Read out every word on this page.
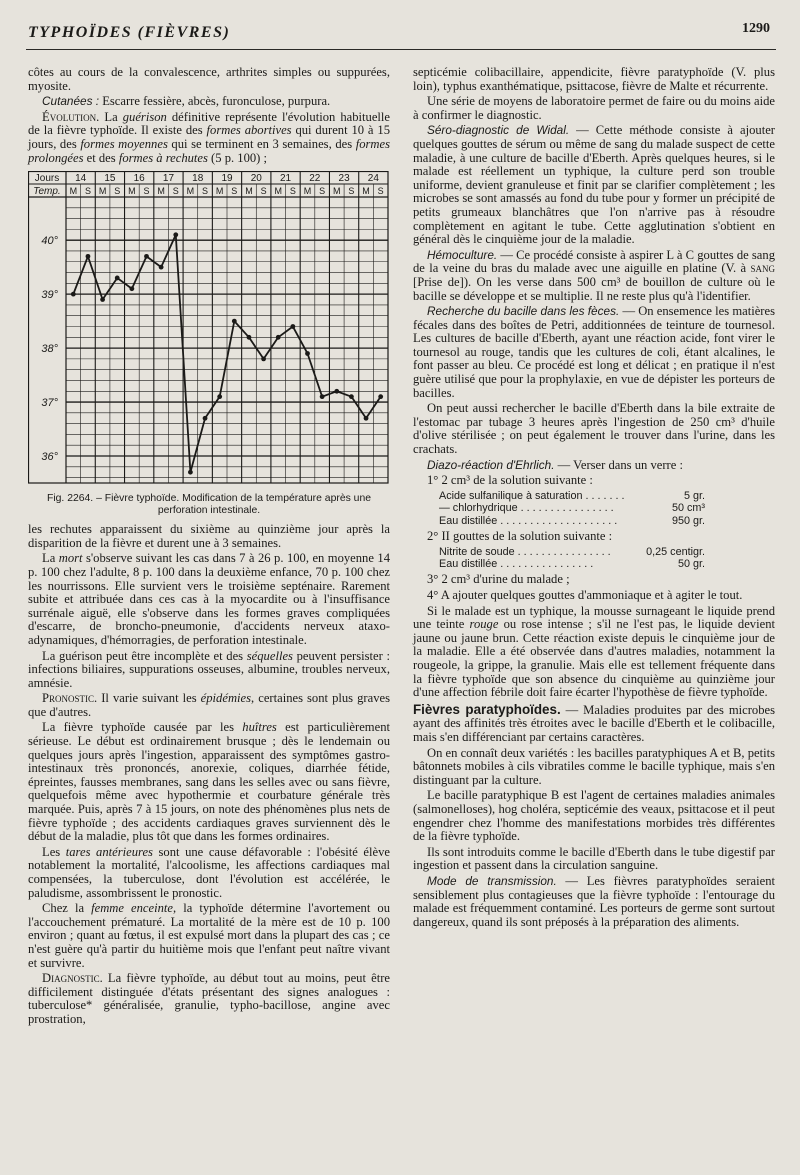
TYPHOÏDES (FIÈVRES)	1290

côtes au cours de la convalescence, arthrites simples ou suppurées, myosite.

Cutanées : Escarre fessière, abcès, furonculose, purpura.

Évolution. La guérison définitive représente l'évolution habituelle de la fièvre typhoïde. Il existe des formes abortives qui durent 10 à 15 jours, des formes moyennes qui se terminent en 3 semaines, des formes prolongées et des formes à rechutes (5 p. 100) ;

Jours
Temp.
14 15 16 17 18 19 20 21 22 23 24
M S M S M S M S M S M S M S M S M S M S M S
40°
39°
38°
37°
36°
Fig. 2264. – Fièvre typhoïde. Modification de la température après une perforation intestinale.

les rechutes apparaissent du sixième au quinzième jour après la disparition de la fièvre et durent une à 3 semaines.

La mort s'observe suivant les cas dans 7 à 26 p. 100, en moyenne 14 p. 100 chez l'adulte, 8 p. 100 dans la deuxième enfance, 70 p. 100 chez les nourrissons. Elle survient vers le troisième septénaire. Rarement subite et attribuée dans ces cas à la myocardite ou à l'insuffisance surrénale aiguë, elle s'observe dans les formes graves compliquées d'escarre, de broncho-pneumonie, d'accidents nerveux ataxo-adynamiques, d'hémorragies, de perforation intestinale.

La guérison peut être incomplète et des séquelles peuvent persister : infections biliaires, suppurations osseuses, albumine, troubles nerveux, amnésie.

Pronostic. Il varie suivant les épidémies, certaines sont plus graves que d'autres.

La fièvre typhoïde causée par les huîtres est particulièrement sérieuse. Le début est ordinairement brusque ; dès le lendemain ou quelques jours après l'ingestion, apparaissent des symptômes gastro-intestinaux très prononcés, anorexie, coliques, diarrhée fétide, épreintes, fausses membranes, sang dans les selles avec ou sans fièvre, quelquefois même avec hypothermie et courbature générale très marquée. Puis, après 7 à 15 jours, on note des phénomènes plus nets de fièvre typhoïde ; des accidents cardiaques graves surviennent dès le début de la maladie, plus tôt que dans les formes ordinaires.

Les tares antérieures sont une cause défavorable : l'obésité élève notablement la mortalité, l'alcoolisme, les affections cardiaques mal compensées, la tuberculose, dont l'évolution est accélérée, le paludisme, assombrissent le pronostic.

Chez la femme enceinte, la typhoïde détermine l'avortement ou l'accouchement prématuré. La mortalité de la mère est de 10 p. 100 environ ; quant au fœtus, il est expulsé mort dans la plupart des cas ; ce n'est guère qu'à partir du huitième mois que l'enfant peut naître vivant et survivre.

Diagnostic. La fièvre typhoïde, au début tout au moins, peut être difficilement distinguée d'états présentant des signes analogues : tuberculose* généralisée, granulie, typho-bacillose, angine avec prostration,

septicémie colibacillaire, appendicite, fièvre paratyphoïde (V. plus loin), typhus exanthématique, psittacose, fièvre de Malte et récurrente.

Une série de moyens de laboratoire permet de faire ou du moins aide à confirmer le diagnostic.

Séro-diagnostic de Widal. — Cette méthode consiste à ajouter quelques gouttes de sérum ou même de sang du malade suspect de cette maladie, à une culture de bacille d'Eberth. Après quelques heures, si le malade est réellement un typhique, la culture perd son trouble uniforme, devient granuleuse et finit par se clarifier complètement ; les microbes se sont amassés au fond du tube pour y former un précipité de petits grumeaux blanchâtres que l'on n'arrive pas à résoudre complètement en agitant le tube. Cette agglutination s'obtient en général dès le cinquième jour de la maladie.

Hémoculture. — Ce procédé consiste à aspirer L à C gouttes de sang de la veine du bras du malade avec une aiguille en platine (V. à sang [Prise de]). On les verse dans 500 cm³ de bouillon de culture où le bacille se développe et se multiplie. Il ne reste plus qu'à l'identifier.

Recherche du bacille dans les fèces. — On ensemence les matières fécales dans des boîtes de Petri, additionnées de teinture de tournesol. Les cultures de bacille d'Eberth, ayant une réaction acide, font virer le tournesol au rouge, tandis que les cultures de coli, étant alcalines, le font passer au bleu. Ce procédé est long et délicat ; en pratique il n'est guère utilisé que pour la prophylaxie, en vue de dépister les porteurs de bacilles.

On peut aussi rechercher le bacille d'Eberth dans la bile extraite de l'estomac par tubage 3 heures après l'ingestion de 250 cm³ d'huile d'olive stérilisée ; on peut également le trouver dans l'urine, dans les crachats.

Diazo-réaction d'Ehrlich. — Verser dans un verre :

1° 2 cm³ de la solution suivante :

Acide sulfanilique à saturation . . . . . . .	5 gr.
— chlorhydrique . . . . . . . . . . . . . . . .	50 cm³
Eau distillée . . . . . . . . . . . . . . . . . . . .	950 gr.

2° II gouttes de la solution suivante :

Nitrite de soude . . . . . . . . . . . . . . . .	0,25 centigr.
Eau distillée . . . . . . . . . . . . . . . .	50 gr.

3° 2 cm³ d'urine du malade ;

4° A ajouter quelques gouttes d'ammoniaque et à agiter le tout.

Si le malade est un typhique, la mousse surnageant le liquide prend une teinte rouge ou rose intense ; s'il ne l'est pas, le liquide devient jaune ou jaune brun. Cette réaction existe depuis le cinquième jour de la maladie. Elle a été observée dans d'autres maladies, notamment la rougeole, la grippe, la granulie. Mais elle est tellement fréquente dans la fièvre typhoïde que son absence du cinquième au quinzième jour d'une affection fébrile doit faire écarter l'hypothèse de fièvre typhoïde.

Fièvres paratyphoïdes. — Maladies produites par des microbes ayant des affinités très étroites avec le bacille d'Eberth et le colibacille, mais s'en différenciant par certains caractères.

On en connaît deux variétés : les bacilles paratyphiques A et B, petits bâtonnets mobiles à cils vibratiles comme le bacille typhique, mais s'en distinguant par la culture.

Le bacille paratyphique B est l'agent de certaines maladies animales (salmonelloses), hog choléra, septicémie des veaux, psittacose et il peut engendrer chez l'homme des manifestations morbides très différentes de la fièvre typhoïde.

Ils sont introduits comme le bacille d'Eberth dans le tube digestif par ingestion et passent dans la circulation sanguine.

Mode de transmission. — Les fièvres paratyphoïdes seraient sensiblement plus contagieuses que la fièvre typhoïde : l'entourage du malade est fréquemment contaminé. Les porteurs de germe sont surtout dangereux, quand ils sont préposés à la préparation des aliments.
